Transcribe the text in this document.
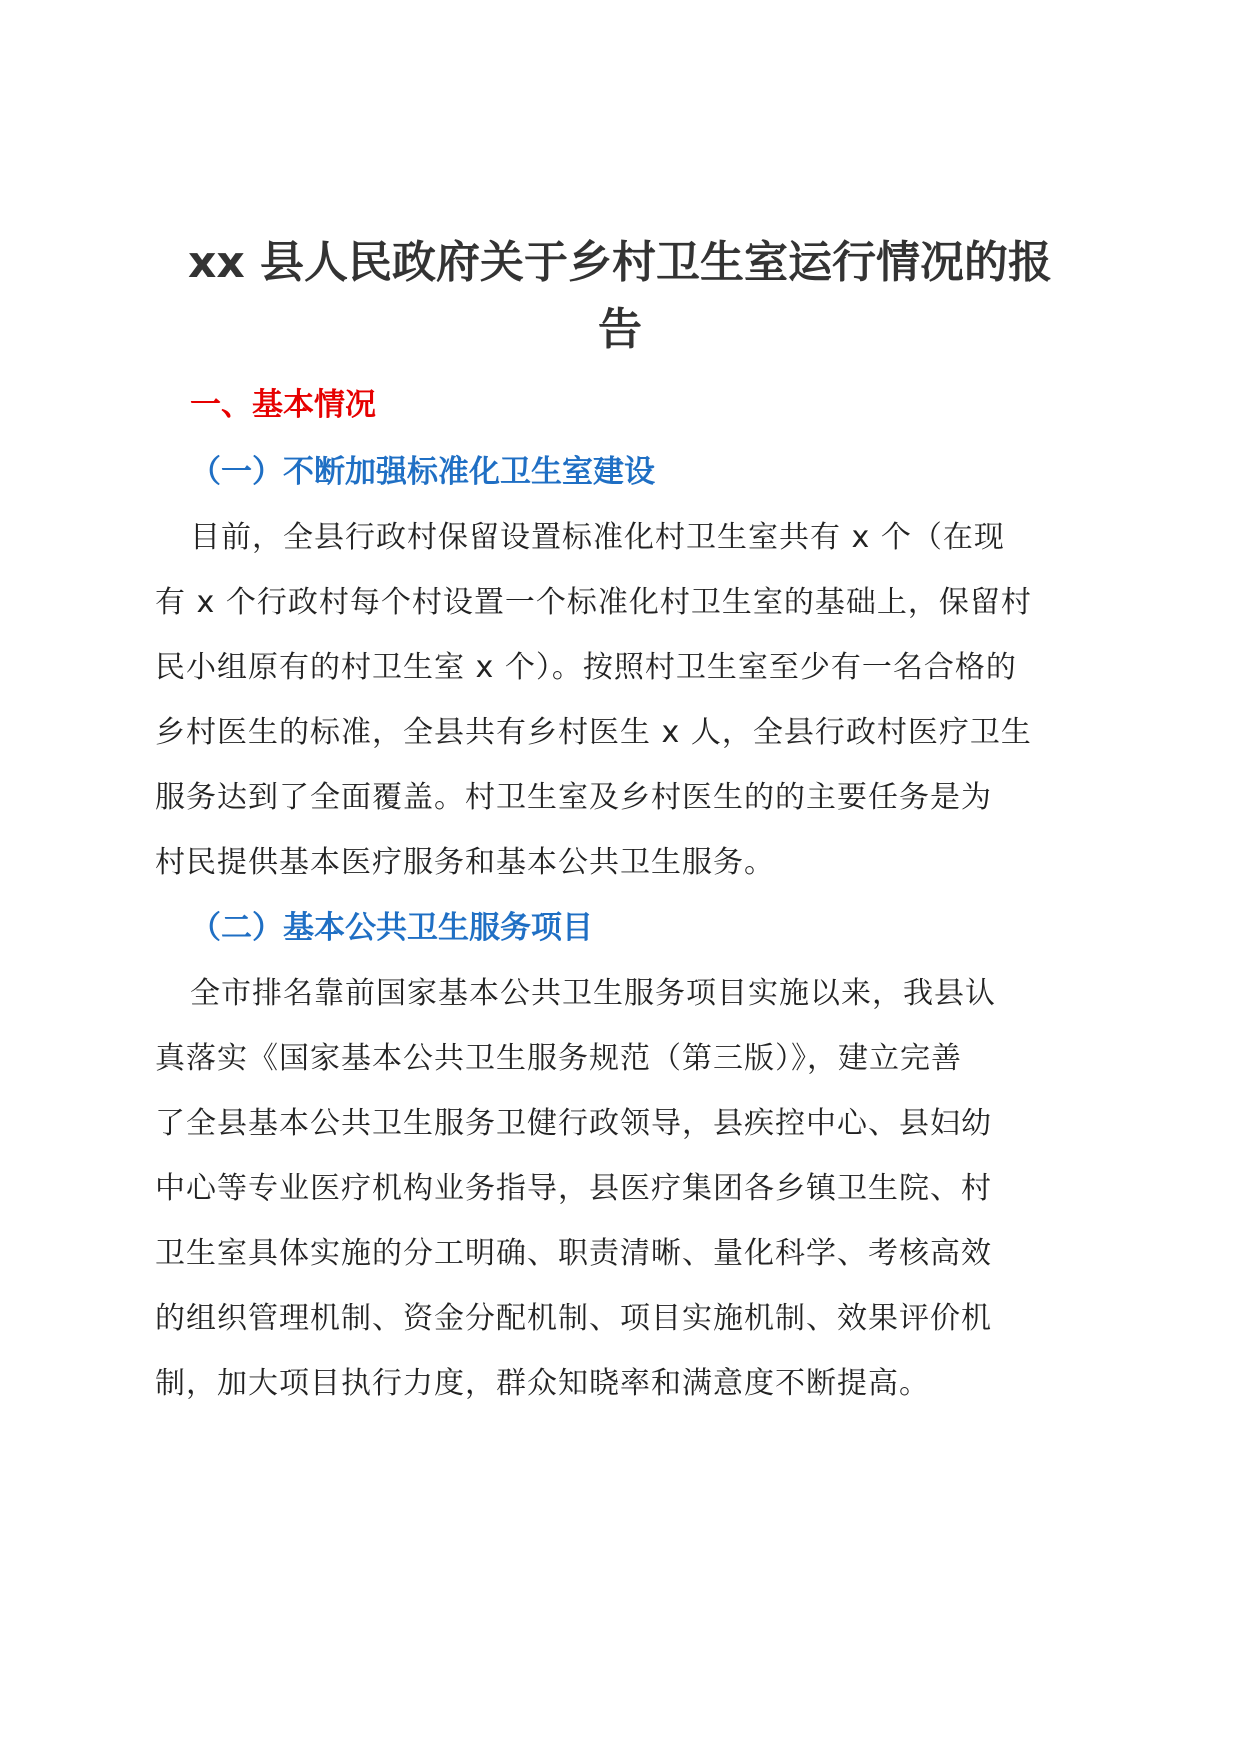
xx 县人民政府关于乡村卫生室运行情况的报
告
一、基本情况
（一）不断加强标准化卫生室建设

目前，全县行政村保留设置标准化村卫生室共有 x 个（在现

有 x 个行政村每个村设置一个标准化村卫生室的基础上，保留村

民小组原有的村卫生室 x 个）。按照村卫生室至少有一名合格的

乡村医生的标准，全县共有乡村医生 x 人，全县行政村医疗卫生

服务达到了全面覆盖。村卫生室及乡村医生的的主要任务是为

村民提供基本医疗服务和基本公共卫生服务。

（二）基本公共卫生服务项目

全市排名靠前国家基本公共卫生服务项目实施以来，我县认

真落实《国家基本公共卫生服务规范（第三版）》，建立完善

了全县基本公共卫生服务卫健行政领导，县疾控中心、县妇幼

中心等专业医疗机构业务指导，县医疗集团各乡镇卫生院、村

卫生室具体实施的分工明确、职责清晰、量化科学、考核高效

的组织管理机制、资金分配机制、项目实施机制、效果评价机

制，加大项目执行力度，群众知晓率和满意度不断提高。
